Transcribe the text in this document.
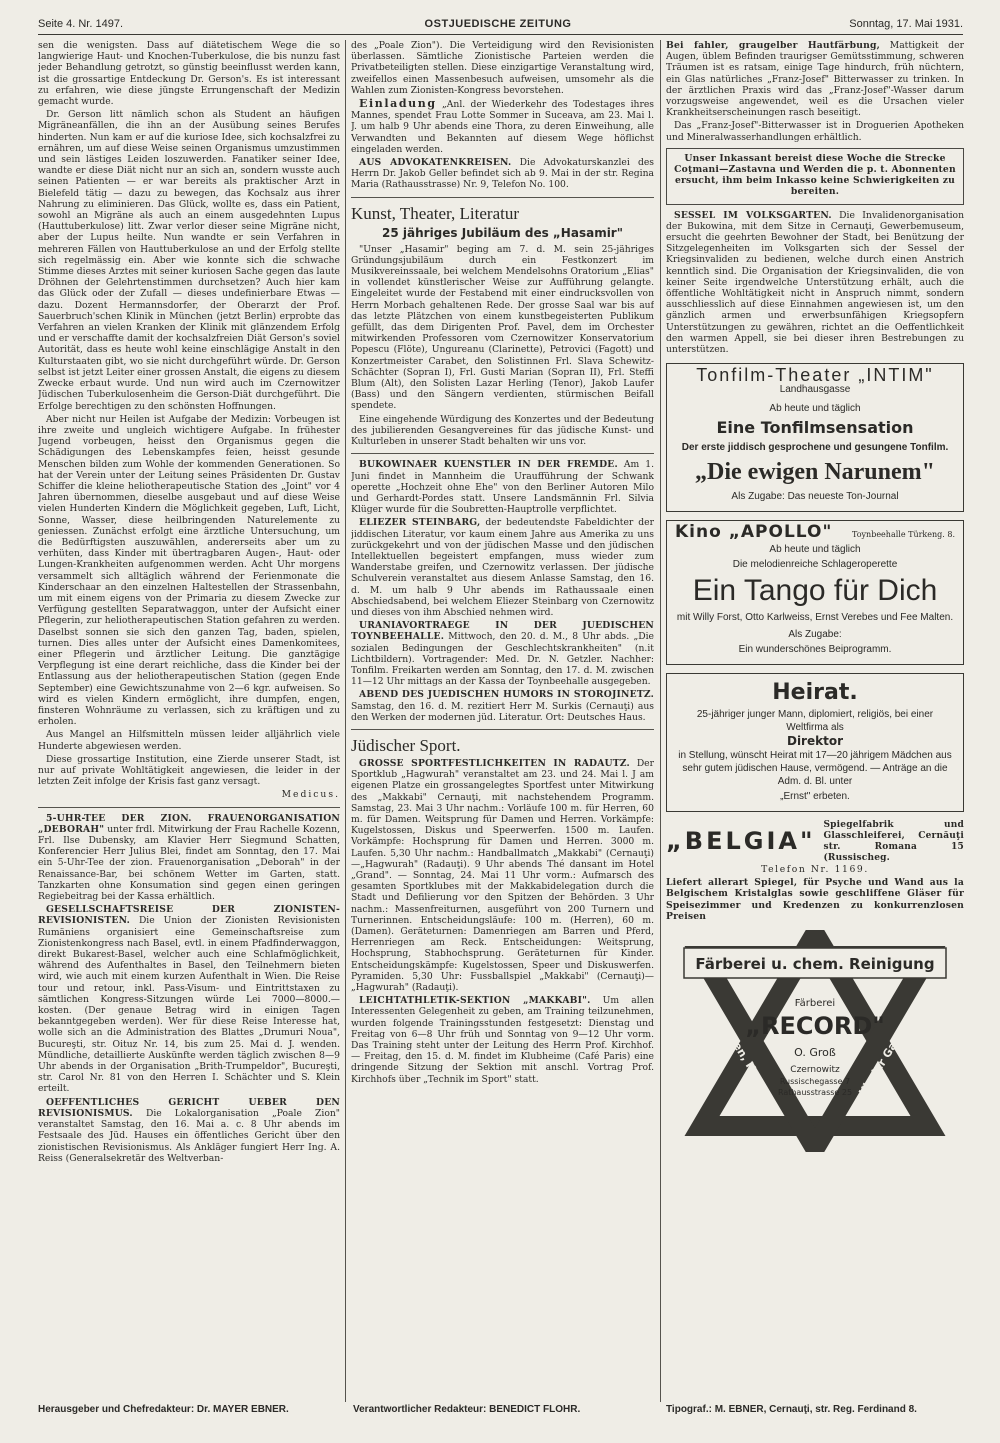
Seite 4. Nr. 1497.	OSTJUEDISCHE ZEITUNG	Sonntag, 17. Mai 1931.

sen die wenigsten. Dass auf diätetischem Wege die so langwierige Haut- und Knochen-Tuberkulose, die bis nunzu fast jeder Behandlung getrotzt, so günstig beeinflusst werden kann, ist die grossartige Entdeckung Dr. Gerson's. Es ist interessant zu erfahren, wie diese jüngste Errungenschaft der Medizin gemacht wurde.

Dr. Gerson litt nämlich schon als Student an häufigen Migräneanfällen, die ihn an der Ausübung seines Berufes hinderten. Nun kam er auf die kuriose Idee, sich kochsalzfrei zu ernähren, um auf diese Weise seinen Organismus umzustimmen und sein lästiges Leiden loszuwerden. Fanatiker seiner Idee, wandte er diese Diät nicht nur an sich an, sondern wusste auch seinen Patienten — er war bereits als praktischer Arzt in Bielefeld tätig — dazu zu bewegen, das Kochsalz aus ihrer Nahrung zu eliminieren. Das Glück, wollte es, dass ein Patient, sowohl an Migräne als auch an einem ausgedehnten Lupus (Hauttuberkulose) litt. Zwar verlor dieser seine Migräne nicht, aber der Lupus heilte. Nun wandte er sein Verfahren in mehreren Fällen von Hauttuberkulose an und der Erfolg stellte sich regelmässig ein. Aber wie konnte sich die schwache Stimme dieses Arztes mit seiner kuriosen Sache gegen das laute Dröhnen der Gelehrtenstimmen durchsetzen? Auch hier kam das Glück oder der Zufall — dieses undefinierbare Etwas — dazu. Dozent Hermannsdorfer, der Oberarzt der Prof. Sauerbruch'schen Klinik in München (jetzt Berlin) erprobte das Verfahren an vielen Kranken der Klinik mit glänzendem Erfolg und er verschaffte damit der kochsalzfreien Diät Gerson's soviel Autorität, dass es heute wohl keine einschlägige Anstalt in den Kulturstaaten gibt, wo sie nicht durchgeführt würde. Dr. Gerson selbst ist jetzt Leiter einer grossen Anstalt, die eigens zu diesem Zwecke erbaut wurde. Und nun wird auch im Czernowitzer Jüdischen Tuberkulosenheim die Gerson-Diät durchgeführt. Die Erfolge berechtigen zu den schönsten Hoffnungen.

Aber nicht nur Heilen ist Aufgabe der Medizin: Vorbeugen ist ihre zweite und ungleich wichtigere Aufgabe. In frühester Jugend vorbeugen, heisst den Organismus gegen die Schädigungen des Lebenskampfes feien, heisst gesunde Menschen bilden zum Wohle der kommenden Generationen. So hat der Verein unter der Leitung seines Präsidenten Dr. Gustav Schiffer die kleine heliotherapeutische Station des „Joint" vor 4 Jahren übernommen, dieselbe ausgebaut und auf diese Weise vielen Hunderten Kindern die Möglichkeit gegeben, Luft, Licht, Sonne, Wasser, diese heilbringenden Naturelemente zu geniessen. Zunächst erfolgt eine ärztliche Untersuchung, um die Bedürftigsten auszuwählen, andererseits aber um zu verhüten, dass Kinder mit übertragbaren Augen-, Haut- oder Lungen-Krankheiten aufgenommen werden. Acht Uhr morgens versammelt sich alltäglich während der Ferienmonate die Kinderschaar an den einzelnen Haltestellen der Strassenbahn, um mit einem eigens von der Primaria zu diesem Zwecke zur Verfügung gestellten Separatwaggon, unter der Aufsicht einer Pflegerin, zur heliotherapeutischen Station gefahren zu werden. Daselbst sonnen sie sich den ganzen Tag, baden, spielen, turnen. Dies alles unter der Aufsicht eines Damenkomitees, einer Pflegerin und ärztlicher Leitung. Die ganztägige Verpflegung ist eine derart reichliche, dass die Kinder bei der Entlassung aus der heliotherapeutischen Station (gegen Ende September) eine Gewichtszunahme von 2—6 kgr. aufweisen. So wird es vielen Kindern ermöglicht, ihre dumpfen, engen, finsteren Wohnräume zu verlassen, sich zu kräftigen und zu erholen.

Aus Mangel an Hilfsmitteln müssen leider alljährlich viele Hunderte abgewiesen werden.

Diese grossartige Institution, eine Zierde unserer Stadt, ist nur auf private Wohltätigkeit angewiesen, die leider in der letzten Zeit infolge der Krisis fast ganz versagt.

Medicus.

5-UHR-TEE DER ZION. FRAUENORGANISATION „DEBORAH" unter frdl. Mitwirkung der Frau Rachelle Kozenn, Frl. Ilse Dubensky, am Klavier Herr Siegmund Schatten, Konferencier Herr Julius Blei, findet am Sonntag, den 17. Mai ein 5-Uhr-Tee der zion. Frauenorganisation „Deborah" in der Renaissance-Bar, bei schönem Wetter im Garten, statt. Tanzkarten ohne Konsumation sind gegen einen geringen Regiebeitrag bei der Kassa erhältlich.

GESELLSCHAFTSREISE DER ZIONISTEN-REVISIONISTEN. Die Union der Zionisten Revisionisten Rumäniens organisiert eine Gemeinschaftsreise zum Zionistenkongress nach Basel, evtl. in einem Pfadfinderwaggon, direkt Bukarest-Basel, welcher auch eine Schlafmöglichkeit, während des Aufenthaltes in Basel, den Teilnehmern bieten wird, wie auch mit einem kurzen Aufenthalt in Wien. Die Reise tour und retour, inkl. Pass-Visum- und Eintrittstaxen zu sämtlichen Kongress-Sitzungen würde Lei 7000—8000.— kosten. (Der genaue Betrag wird in einigen Tagen bekanntgegeben werden). Wer für diese Reise Interesse hat, wolle sich an die Administration des Blattes „Drumuri Noua", Bucureşti, str. Oituz Nr. 14, bis zum 25. Mai d. J. wenden. Mündliche, detaillierte Auskünfte werden täglich zwischen 8—9 Uhr abends in der Organisation „Brith-Trumpeldor", Bucureşti, str. Carol Nr. 81 von den Herren I. Schächter und S. Klein erteilt.

OEFFENTLICHES GERICHT UEBER DEN REVISIONISMUS. Die Lokalorganisation „Poale Zion" veranstaltet Samstag, den 16. Mai a. c. 8 Uhr abends im Festsaale des Jüd. Hauses ein öffentliches Gericht über den zionistischen Revisionismus. Als Ankläger fungiert Herr Ing. A. Reiss (Generalsekretär des Weltverban-

des „Poale Zion"). Die Verteidigung wird den Revisionisten überlassen. Sämtliche Zionistische Parteien werden die Privatbeteiligten stellen. Diese einzigartige Veranstaltung wird, zweifellos einen Massenbesuch aufweisen, umsomehr als die Wahlen zum Zionisten-Kongress bevorstehen.

Einladung „Anl. der Wiederkehr des Todestages ihres Mannes, spendet Frau Lotte Sommer in Suceava, am 23. Mai l. J. um halb 9 Uhr abends eine Thora, zu deren Einweihung, alle Verwandten und Bekannten auf diesem Wege höflichst eingeladen werden.

AUS ADVOKATENKREISEN. Die Advokaturskanzlei des Herrn Dr. Jakob Geller befindet sich ab 9. Mai in der str. Regina Maria (Rathausstrasse) Nr. 9, Telefon No. 100.

Kunst, Theater, Literatur
25 jähriges Jubiläum des „Hasamir"

"Unser „Hasamir" beging am 7. d. M. sein 25-jähriges Gründungsjubiläum durch ein Festkonzert im Musikvereinssaale, bei welchem Mendelsohns Oratorium „Elias" in vollendet künstlerischer Weise zur Aufführung gelangte. Eingeleitet wurde der Festabend mit einer eindrucksvollen von Herrn Morbach gehaltenen Rede. Der grosse Saal war bis auf das letzte Plätzchen von einem kunstbegeisterten Publikum gefüllt, das dem Dirigenten Prof. Pavel, dem im Orchester mitwirkenden Professoren vom Czernowitzer Konservatorium Popescu (Flöte), Ungureanu (Clarinette), Petrovici (Fagott) und Konzertmeister Carabet, den Solistinnen Frl. Slava Schewitz-Schächter (Sopran I), Frl. Gusti Marian (Sopran II), Frl. Steffi Blum (Alt), den Solisten Lazar Herling (Tenor), Jakob Laufer (Bass) und den Sängern verdienten, stürmischen Beifall spendete.

Eine eingehende Würdigung des Konzertes und der Bedeutung des jubilierenden Gesangvereines für das jüdische Kunst- und Kulturleben in unserer Stadt behalten wir uns vor.

BUKOWINAER KUENSTLER IN DER FREMDE. Am 1. Juni findet in Mannheim die Uraufführung der Schwank operette „Hochzeit ohne Ehe" von den Berliner Autoren Milo und Gerhardt-Pordes statt. Unsere Landsmännin Frl. Silvia Klüger wurde für die Soubretten-Hauptrolle verpflichtet.

ELIEZER STEINBARG, der bedeutendste Fabeldichter der jiddischen Literatur, vor kaum einem Jahre aus Amerika zu uns zurückgekehrt und von der jüdischen Masse und den jüdischen Intellektuellen begeistert empfangen, muss wieder zum Wanderstabe greifen, und Czernowitz verlassen. Der jüdische Schulverein veranstaltet aus diesem Anlasse Samstag, den 16. d. M. um halb 9 Uhr abends im Rathaussaale einen Abschiedsabend, bei welchem Eliezer Steinbarg von Czernowitz und dieses von ihm Abschied nehmen wird.

URANIAVORTRAEGE IN DER JUEDISCHEN TOYNBEEHALLE. Mittwoch, den 20. d. M., 8 Uhr abds. „Die sozialen Bedingungen der Geschlechtskrankheiten" (n.it Lichtbildern). Vortragender: Med. Dr. N. Getzler. Nachher: Tonfilm. Freikarten werden am Sonntag, den 17. d. M. zwischen 11—12 Uhr mittags an der Kassa der Toynbeehalle ausgegeben.

ABEND DES JUEDISCHEN HUMORS IN STOROJINETZ. Samstag, den 16. d. M. rezitiert Herr M. Surkis (Cernauţi) aus den Werken der modernen jüd. Literatur. Ort: Deutsches Haus.

Jüdischer Sport.

GROSSE SPORTFESTLICHKEITEN IN RADAUTZ. Der Sportklub „Hagwurah" veranstaltet am 23. und 24. Mai l. J am eigenen Platze ein grossangelegtes Sportfest unter Mitwirkung des „Makkabi" Cernauţi, mit nachstehendem Programm. Samstag, 23. Mai 3 Uhr nachm.: Vorläufe 100 m. für Herren, 60 m. für Damen. Weitsprung für Damen und Herren. Vorkämpfe: Kugelstossen, Diskus und Speerwerfen. 1500 m. Laufen. Vorkämpfe: Hochsprung für Damen und Herren. 3000 m. Laufen. 5,30 Uhr nachm.: Handballmatch „Makkabi" (Cernauţi)—„Hagwurah" (Radauţi). 9 Uhr abends Thé dansant im Hotel „Grand". — Sonntag, 24. Mai 11 Uhr vorm.: Aufmarsch des gesamten Sportklubes mit der Makkabidelegation durch die Stadt und Defilierung vor den Spitzen der Behörden. 3 Uhr nachm.: Massenfreiturnen, ausgeführt von 200 Turnern und Turnerinnen. Entscheidungsläufe: 100 m. (Herren), 60 m. (Damen). Geräteturnen: Damenriegen am Barren und Pferd, Herrenriegen am Reck. Entscheidungen: Weitsprung, Hochsprung, Stabhochsprung. Geräteturnen für Kinder. Entscheidungskämpfe: Kugelstossen, Speer und Diskuswerfen. Pyramiden. 5,30 Uhr: Fussballspiel „Makkabi" (Cernauţi)—„Hagwurah" (Radauţi).

LEICHTATHLETIK-SEKTION „MAKKABI". Um allen Interessenten Gelegenheit zu geben, am Training teilzunehmen, wurden folgende Trainingsstunden festgesetzt: Dienstag und Freitag von 6—8 Uhr früh und Sonntag von 9—12 Uhr vorm. Das Training steht unter der Leitung des Herrn Prof. Kirchhof. — Freitag, den 15. d. M. findet im Klubheime (Café Paris) eine dringende Sitzung der Sektion mit anschl. Vortrag Prof. Kirchhofs über „Technik im Sport" statt.

Bei fahler, graugelber Hautfärbung, Mattigkeit der Augen, üblem Befinden traurigser Gemütsstimmung, schweren Träumen ist es ratsam, einige Tage hindurch, früh nüchtern, ein Glas natürliches „Franz-Josef" Bitterwasser zu trinken. In der ärztlichen Praxis wird das „Franz-Josef"-Wasser darum vorzugsweise angewendet, weil es die Ursachen vieler Krankheitserscheinungen rasch beseitigt.

Das „Franz-Josef"-Bitterwasser ist in Droguerien Apotheken und Mineralwasserhandlungen erhältlich.

Unser Inkassant bereist diese Woche die Strecke Coţmani—Zastavna und Werden die p. t. Abonnenten ersucht, ihm beim Inkasso keine Schwierigkeiten zu bereiten.

SESSEL IM VOLKSGARTEN. Die Invalidenorganisation der Bukowina, mit dem Sitze in Cernauţi, Gewerbemuseum, ersucht die geehrten Bewohner der Stadt, bei Benützung der Sitzgelegenheiten im Volksgarten sich der Sessel der Kriegsinvaliden zu bedienen, welche durch einen Anstrich kenntlich sind. Die Organisation der Kriegsinvaliden, die von keiner Seite irgendwelche Unterstützung erhält, auch die öffentliche Wohltätigkeit nicht in Anspruch nimmt, sondern ausschliesslich auf diese Einnahmen angewiesen ist, um den gänzlich armen und erwerbsunfähigen Kriegsopfern Unterstützungen zu gewähren, richtet an die Oeffentlichkeit den warmen Appell, sie bei dieser ihren Bestrebungen zu unterstützen.

Tonfilm-Theater „INTIM"

Landhausgasse

Ab heute und täglich

Eine Tonfilmsensation

Der erste jiddisch gesprochene und gesungene Tonfilm.

„Die ewigen Narunem"

Als Zugabe: Das neueste Ton-Journal

Kino „APOLLO" Toynbeehalle Türkeng. 8.

Ab heute und täglich

Die melodienreiche Schlageroperette

Ein Tango für Dich

mit Willy Forst, Otto Karlweiss, Ernst Verebes und Fee Malten.

Als Zugabe:

Ein wunderschönes Beiprogramm.

Heirat.

25-jähriger junger Mann, diplomiert, religiös, bei einer Weltfirma als

Direktor

in Stellung, wünscht Heirat mit 17—20 jährigem Mädchen aus sehr gutem jüdischen Hause, vermögend. — Anträge an die Adm. d. Bl. unter

„Ernst" erbeten.

„BELGIA"
Spiegelfabrik und Glasschleiferei, Cernăuţi str. Romana 15 (Russischeg.

Telefon Nr. 1169.

Liefert allerart Spiegel, für Psyche und Wand aus la Belgischem Kristalglas sowie geschliffene Gläser für Speisezimmer und Kredenzen zu konkurrenzlosen Preisen

Färberei u. chem. Reinigung
Färberei
„RECORD"
O. Groß
Czernowitz
Russischegasse 7
Rathausstrasse 25
von Damen, Herren	Kinder Garderobe
Herausgeber und Chefredakteur: Dr. MAYER EBNER.	Verantwortlicher Redakteur: BENEDICT FLOHR.	Tipograf.: M. EBNER, Cernauţi, str. Reg. Ferdinand 8.
